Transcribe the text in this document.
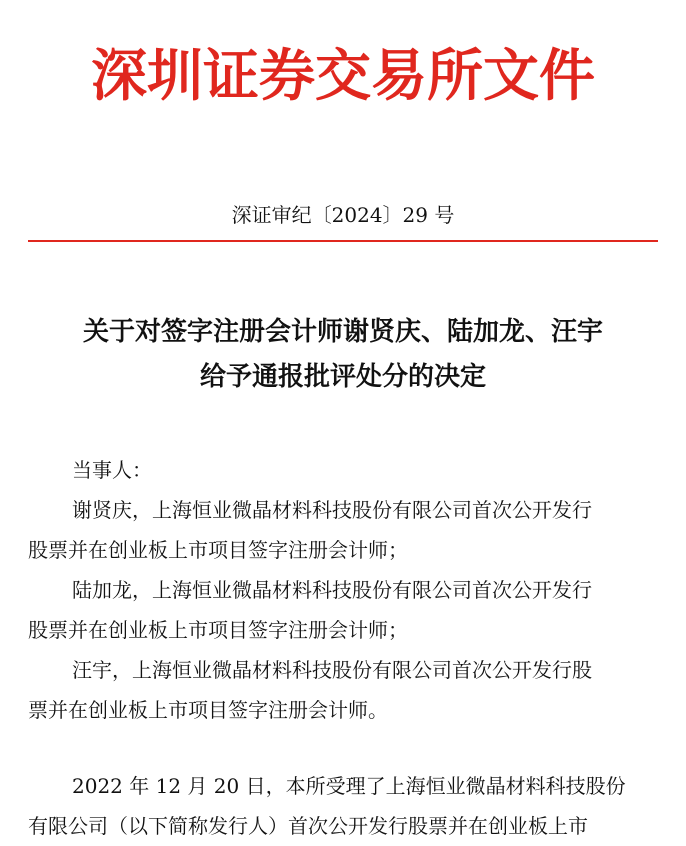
深圳证券交易所文件
深证审纪〔2024〕29 号
关于对签字注册会计师谢贤庆、陆加龙、汪宇
给予通报批评处分的决定
当事人：
谢贤庆，上海恒业微晶材料科技股份有限公司首次公开发行
股票并在创业板上市项目签字注册会计师；
陆加龙，上海恒业微晶材料科技股份有限公司首次公开发行
股票并在创业板上市项目签字注册会计师；
汪宇，上海恒业微晶材料科技股份有限公司首次公开发行股
票并在创业板上市项目签字注册会计师。
2022 年 12 月 20 日，本所受理了上海恒业微晶材料科技股份
有限公司（以下简称发行人）首次公开发行股票并在创业板上市
